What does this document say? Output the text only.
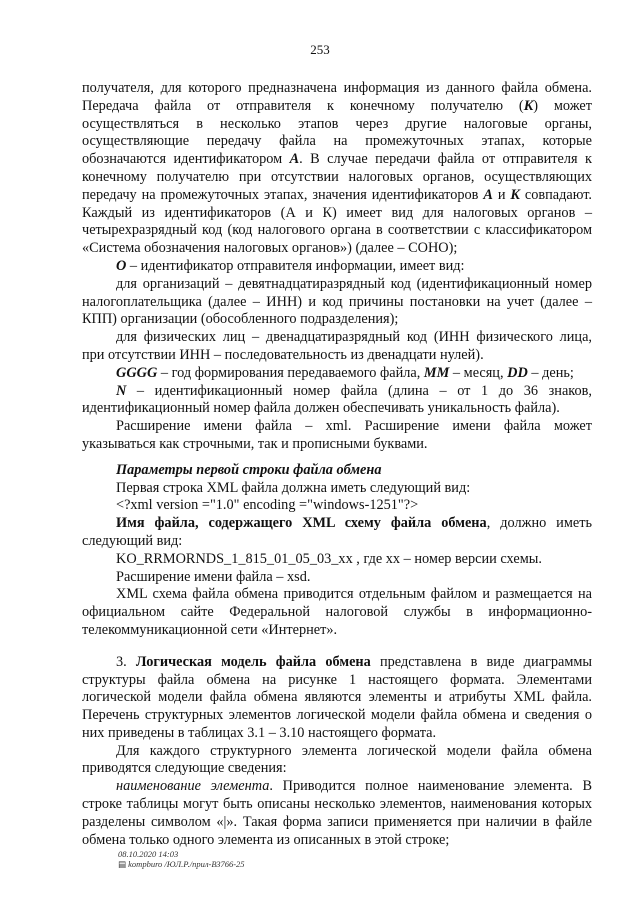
253

получателя, для которого предназначена информация из данного файла обмена. Передача файла от отправителя к конечному получателю (K) может осуществляться в несколько этапов через другие налоговые органы, осуществляющие передачу файла на промежуточных этапах, которые обозначаются идентификатором A. В случае передачи файла от отправителя к конечному получателю при отсутствии налоговых органов, осуществляющих передачу на промежуточных этапах, значения идентификаторов A и K совпадают. Каждый из идентификаторов (А и К) имеет вид для налоговых органов – четырехразрядный код (код налогового органа в соответствии с классификатором «Система обозначения налоговых органов») (далее – СОНО);

O – идентификатор отправителя информации, имеет вид:

для организаций – девятнадцатиразрядный код (идентификационный номер налогоплательщика (далее – ИНН) и код причины постановки на учет (далее – КПП) организации (обособленного подразделения);

для физических лиц – двенадцатиразрядный код (ИНН физического лица, при отсутствии ИНН – последовательность из двенадцати нулей).

GGGG – год формирования передаваемого файла, MM – месяц, DD – день;

N – идентификационный номер файла (длина – от 1 до 36 знаков, идентификационный номер файла должен обеспечивать уникальность файла).

Расширение имени файла – xml. Расширение имени файла может указываться как строчными, так и прописными буквами.

Параметры первой строки файла обмена

Первая строка XML файла должна иметь следующий вид:

<?xml version ="1.0" encoding ="windows-1251"?>

Имя файла, содержащего XML схему файла обмена, должно иметь следующий вид:

KO_RRMORNDS_1_815_01_05_03_xx , где хх – номер версии схемы.

Расширение имени файла – xsd.

XML схема файла обмена приводится отдельным файлом и размещается на официальном сайте Федеральной налоговой службы в информационно-телекоммуникационной сети «Интернет».

3. Логическая модель файла обмена представлена в виде диаграммы структуры файла обмена на рисунке 1 настоящего формата. Элементами логической модели файла обмена являются элементы и атрибуты XML файла. Перечень структурных элементов логической модели файла обмена и сведения о них приведены в таблицах 3.1 – 3.10 настоящего формата.

Для каждого структурного элемента логической модели файла обмена приводятся следующие сведения:

наименование элемента. Приводится полное наименование элемента. В строке таблицы могут быть описаны несколько элементов, наименования которых разделены символом «|». Такая форма записи применяется при наличии в файле обмена только одного элемента из описанных в этой строке;

08.10.2020 14:03
▤ kompburo /ЮЛ.Р./прил-ВЗ766-25
